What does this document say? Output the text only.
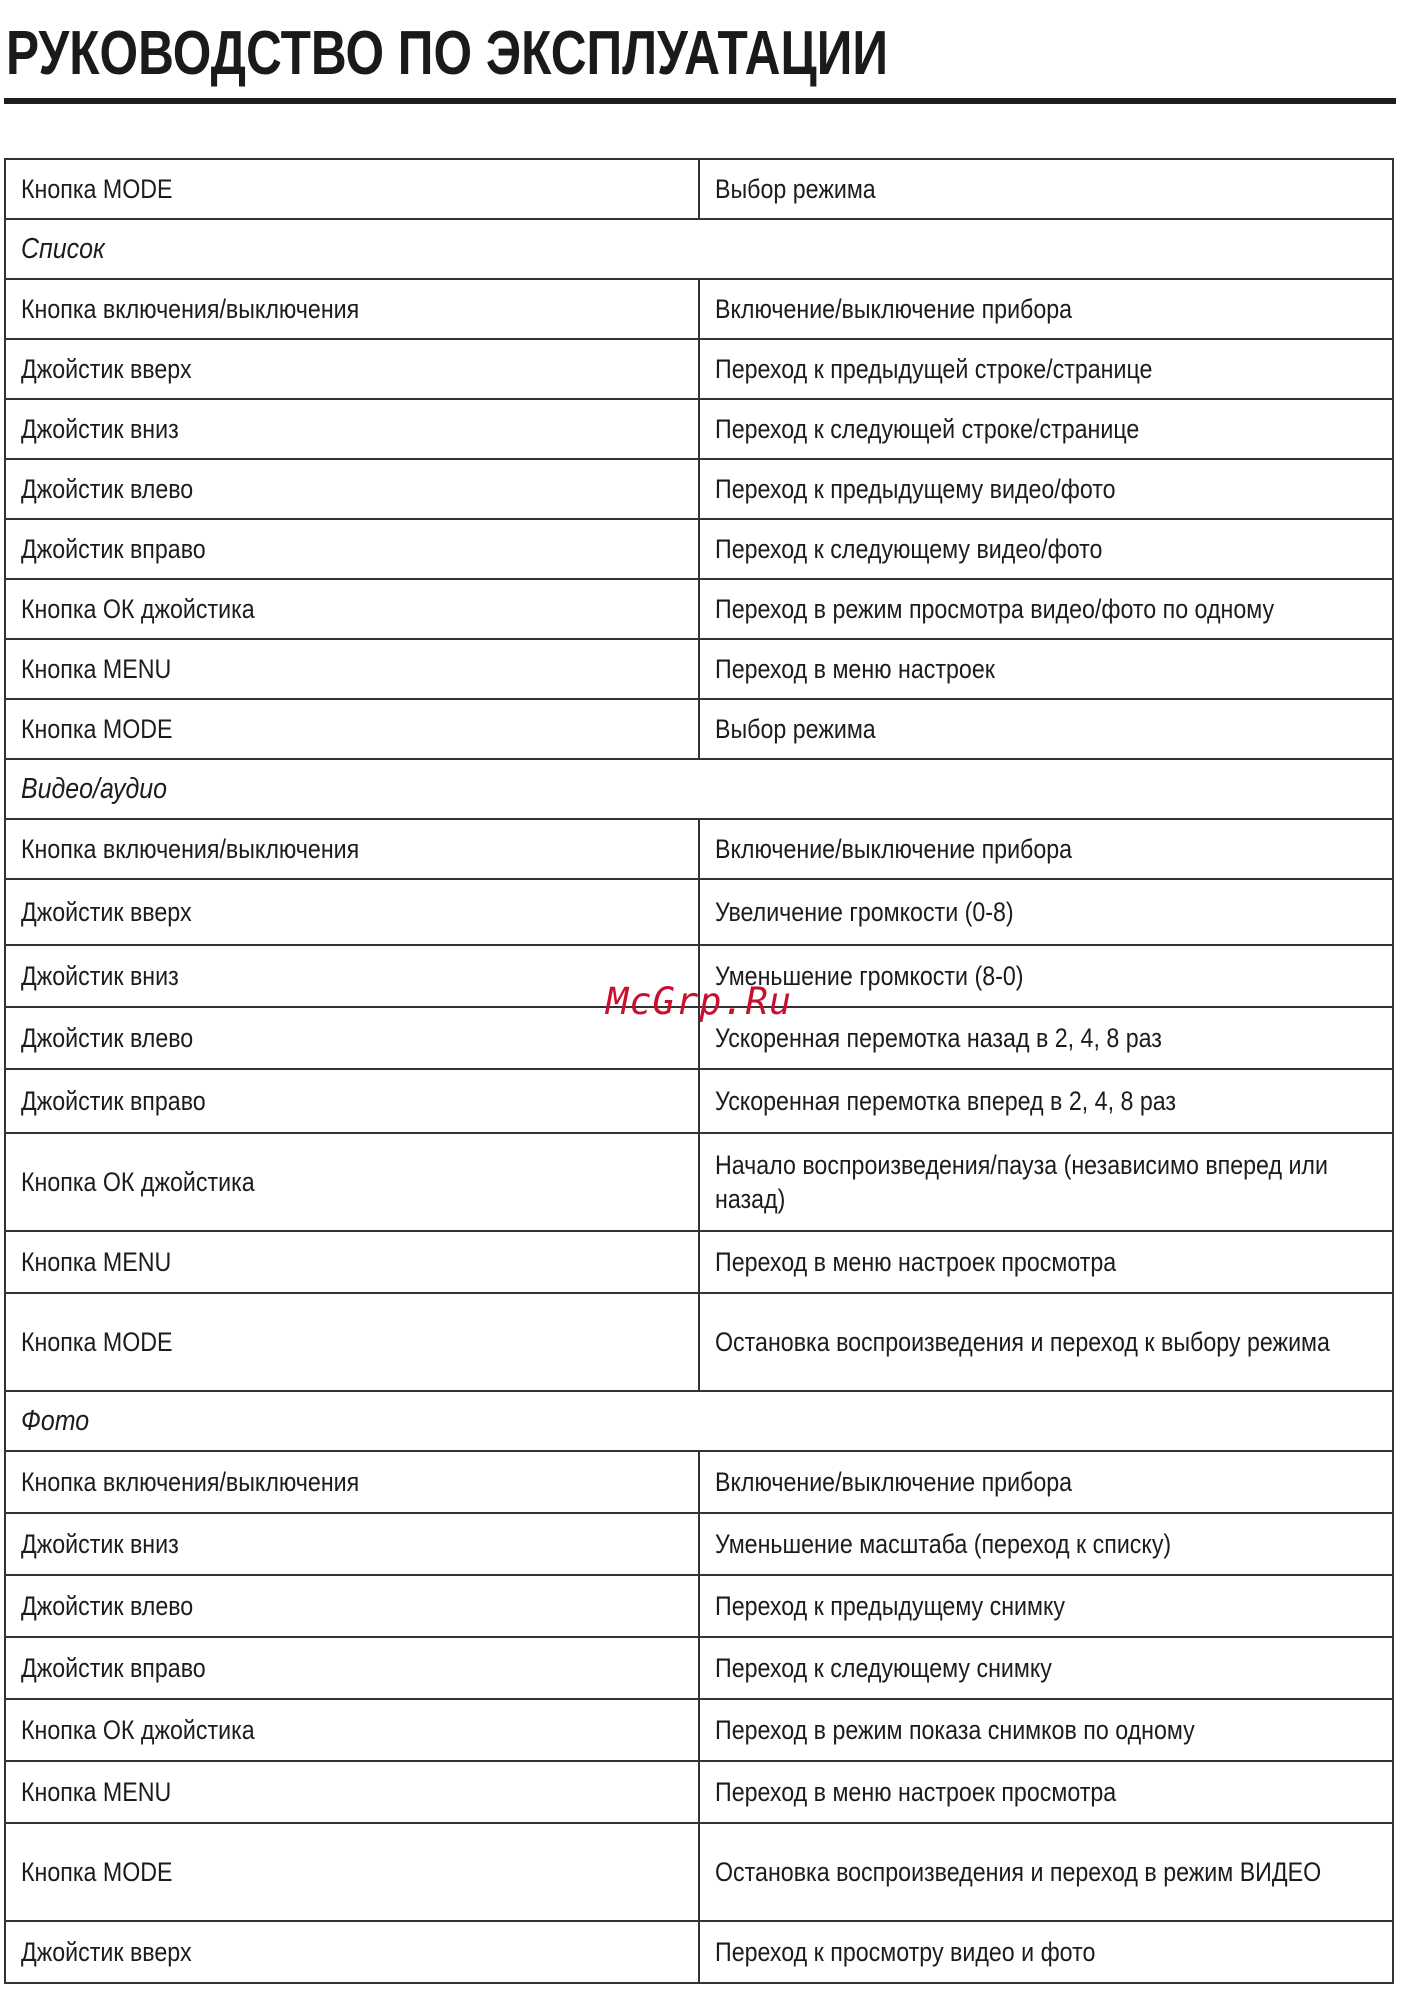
РУКОВОДСТВО ПО ЭКСПЛУАТАЦИИ
Кнопка MODE	Выбор режима
Список	
Кнопка включения/выключения	Включение/выключение прибора
Джойстик вверх	Переход к предыдущей строке/странице
Джойстик вниз	Переход к следующей строке/странице
Джойстик влево	Переход к предыдущему видео/фото
Джойстик вправо	Переход к следующему видео/фото
Кнопка ОК джойстика	Переход в режим просмотра видео/фото по одному
Кнопка MENU	Переход в меню настроек
Кнопка MODE	Выбор режима
Видео/аудио	
Кнопка включения/выключения	Включение/выключение прибора
Джойстик вверх	Увеличение громкости (0-8)
Джойстик вниз	Уменьшение громкости (8-0)
Джойстик влево	Ускоренная перемотка назад в 2, 4, 8 раз
Джойстик вправо	Ускоренная перемотка вперед в 2, 4, 8 раз
Кнопка ОК джойстика	Начало воспроизведения/пауза (независимо вперед или назад)
Кнопка MENU	Переход в меню настроек просмотра
Кнопка MODE	Остановка воспроизведения и переход к выбору режима
Фото	
Кнопка включения/выключения	Включение/выключение прибора
Джойстик вниз	Уменьшение масштаба (переход к списку)
Джойстик влево	Переход к предыдущему снимку
Джойстик вправо	Переход к следующему снимку
Кнопка ОК джойстика	Переход в режим показа снимков по одному
Кнопка MENU	Переход в меню настроек просмотра
Кнопка MODE	Остановка воспроизведения и переход в режим ВИДЕО
Джойстик вверх	Переход к просмотру видео и фото
McGrp.Ru
